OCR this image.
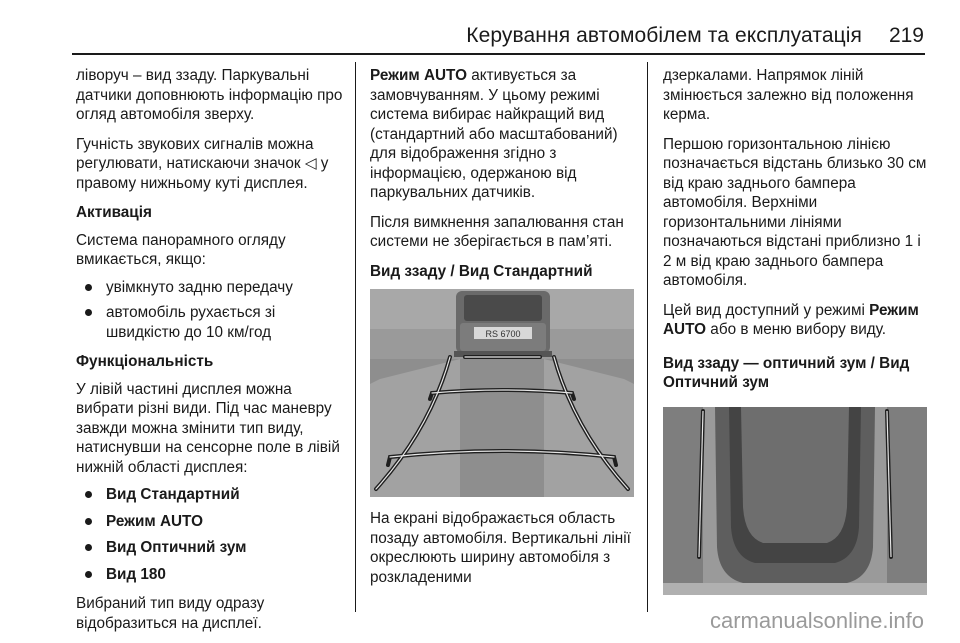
Керування автомобілем та експлуатація 219

ліворуч – вид ззаду. Паркувальні датчики доповнюють інформацію про огляд автомобіля зверху.

Гучність звукових сигналів можна регулювати, натискаючи значок ◁ у правому нижньому куті дисплея.

Активація

Система панорамного огляду вмикається, якщо:

увімкнуто задню передачу
автомобіль рухається зі швидкістю до 10 км/год
Функціональність

У лівій частині дисплея можна вибрати різні види. Під час маневру завжди можна змінити тип виду, натиснувши на сенсорне поле в лівій нижній області дисплея:

Вид Стандартний
Режим AUTO
Вид Оптичний зум
Вид 180

Вибраний тип виду одразу відобразиться на дисплеї.

Режим AUTO активується за замовчуванням. У цьому режимі система вибирає найкращий вид (стандартний або масштабований) для відображення згідно з інформацією, одержаною від паркувальних датчиків.

Після вимкнення запалювання стан системи не зберігається в пам’яті.

Вид ззаду / Вид Стандартний
RS 6700

На екрані відображається область позаду автомобіля. Вертикальні лінії окреслюють ширину автомобіля з розкладеними

дзеркалами. Напрямок ліній змінюється залежно від положення керма.

Першою горизонтальною лінією позначається відстань близько 30 см від краю заднього бампера автомобіля. Верхніми горизонтальними лініями позначаються відстані приблизно 1 і 2 м від краю заднього бампера автомобіля.

Цей вид доступний у режимі Режим AUTO або в меню вибору виду.

Вид ззаду — оптичний зум / Вид Оптичний зум
carmanualsonline.info
